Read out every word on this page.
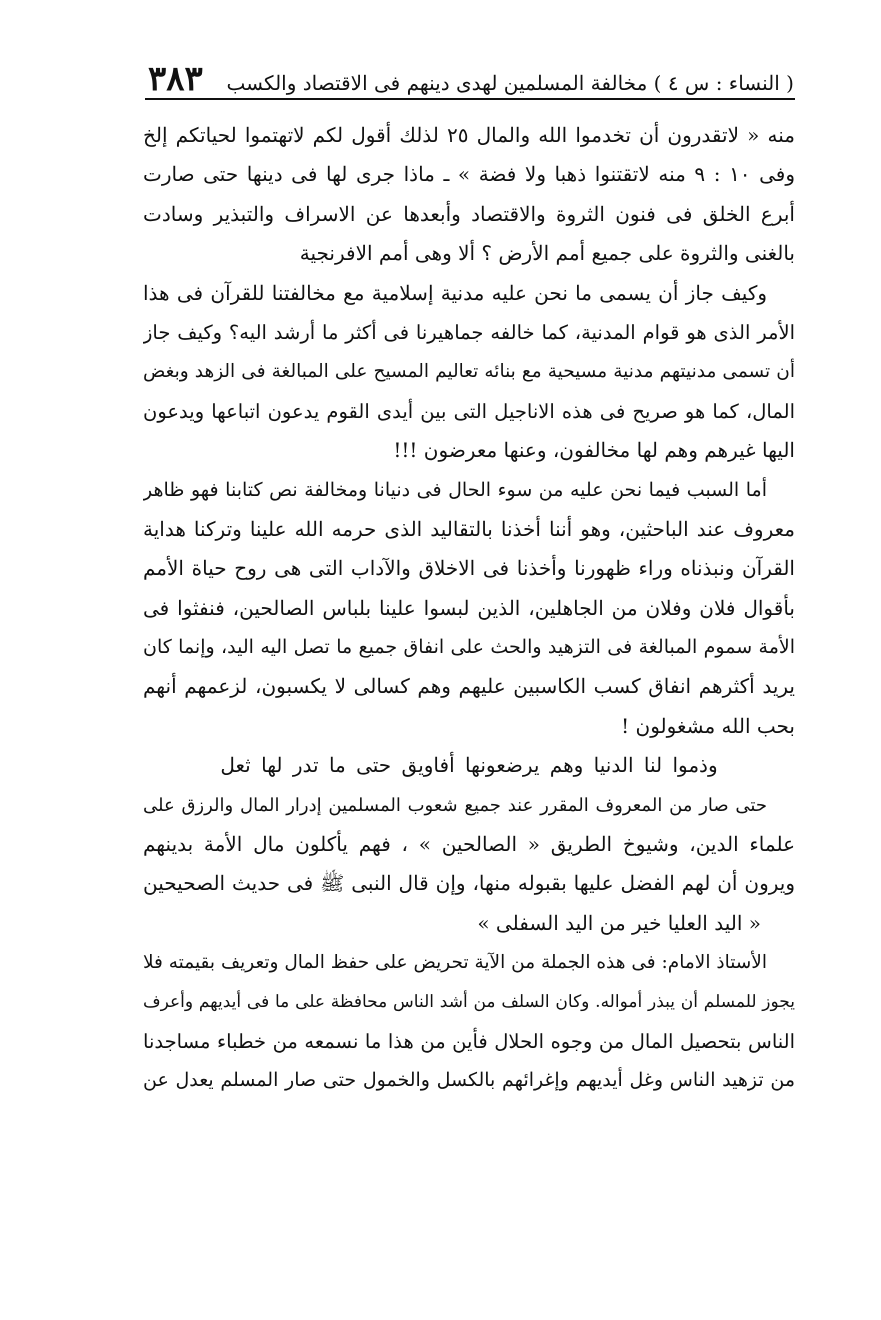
( النساء : س ٤ ) مخالفة المسلمين لهدى دينهم فى الاقتصاد والكسب
٣٨٣
منه « لاتقدرون أن تخدموا الله والمال ٢٥ لذلك أقول لكم لاتهتموا لحياتكم إلخ
وفى ١٠ : ٩ منه لاتقتنوا ذهبا ولا فضة » ـ ماذا جرى لها فى دينها حتى صارت
أبرع الخلق فى فنون الثروة والاقتصاد وأبعدها عن الاسراف والتبذير وسادت
بالغنى والثروة على جميع أمم الأرض ؟ ألا وهى أمم الافرنجية
وكيف جاز أن يسمى ما نحن عليه مدنية إسلامية مع مخالفتنا للقرآن فى هذا
الأمر الذى هو قوام المدنية، كما خالفه جماهيرنا فى أكثر ما أرشد اليه؟ وكيف جاز
أن تسمى مدنيتهم مدنية مسيحية مع بنائه تعاليم المسيح على المبالغة فى الزهد وبغض
المال، كما هو صريح فى هذه الاناجيل التى بين أيدى القوم يدعون اتباعها ويدعون
اليها غيرهم وهم لها مخالفون، وعنها معرضون !!!
أما السبب فيما نحن عليه من سوء الحال فى دنيانا ومخالفة نص كتابنا فهو ظاهر
معروف عند الباحثين، وهو أننا أخذنا بالتقاليد الذى حرمه الله علينا وتركنا هداية
القرآن ونبذناه وراء ظهورنا وأخذنا فى الاخلاق والآداب التى هى روح حياة الأمم
بأقوال فلان وفلان من الجاهلين، الذين لبسوا علينا بلباس الصالحين، فنفثوا فى
الأمة سموم المبالغة فى التزهيد والحث على انفاق جميع ما تصل اليه اليد، وإنما كان
يريد أكثرهم انفاق كسب الكاسبين عليهم وهم كسالى لا يكسبون، لزعمهم أنهم
بحب الله مشغولون !
وذموا لنا الدنيا وهم يرضعونها أفاويق حتى ما تدر لها ثعل
حتى صار من المعروف المقرر عند جميع شعوب المسلمين إدرار المال والرزق على
علماء الدين، وشيوخ الطريق « الصالحين » ، فهم يأكلون مال الأمة بدينهم
ويرون أن لهم الفضل عليها بقبوله منها، وإن قال النبى ﷺ فى حديث الصحيحين
« اليد العليا خير من اليد السفلى »
الأستاذ الامام: فى هذه الجملة من الآية تحريض على حفظ المال وتعريف بقيمته فلا
يجوز للمسلم أن يبذر أمواله. وكان السلف من أشد الناس محافظة على ما فى أيديهم وأعرف
الناس بتحصيل المال من وجوه الحلال فأين من هذا ما نسمعه من خطباء مساجدنا
من تزهيد الناس وغل أيديهم وإغرائهم بالكسل والخمول حتى صار المسلم يعدل عن
